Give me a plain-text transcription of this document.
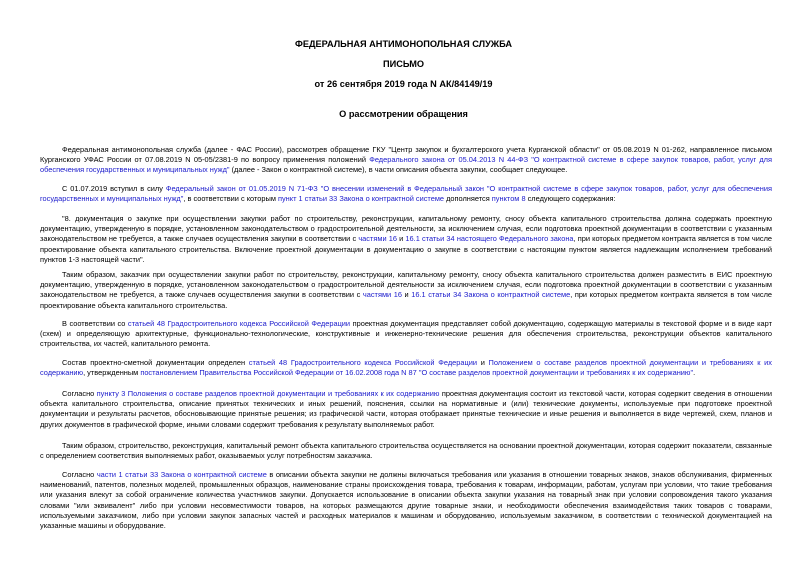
ФЕДЕРАЛЬНАЯ АНТИМОНОПОЛЬНАЯ СЛУЖБА
ПИСЬМО
от 26 сентября 2019 года N АК/84149/19
О рассмотрении обращения
Федеральная антимонопольная служба (далее - ФАС России), рассмотрев обращение ГКУ "Центр закупок и бухгалтерского учета Курганской области" от 05.08.2019 N 01-262, направленное письмом Курганского УФАС России от 07.08.2019 N 05-05/2381-9 по вопросу применения положений Федерального закона от 05.04.2013 N 44-ФЗ "О контрактной системе в сфере закупок товаров, работ, услуг для обеспечения государственных и муниципальных нужд" (далее - Закон о контрактной системе), в части описания объекта закупки, сообщает следующее.
С 01.07.2019 вступил в силу Федеральный закон от 01.05.2019 N 71-ФЗ "О внесении изменений в Федеральный закон "О контрактной системе в сфере закупок товаров, работ, услуг для обеспечения государственных и муниципальных нужд", в соответствии с которым пункт 1 статьи 33 Закона о контрактной системе дополняется пунктом 8 следующего содержания:
"8. документация о закупке при осуществлении закупки работ по строительству, реконструкции, капитальному ремонту, сносу объекта капитального строительства должна содержать проектную документацию, утвержденную в порядке, установленном законодательством о градостроительной деятельности, за исключением случая, если подготовка проектной документации в соответствии с указанным законодательством не требуется, а также случаев осуществления закупки в соответствии с частями 16 и 16.1 статьи 34 настоящего Федерального закона, при которых предметом контракта является в том числе проектирование объекта капитального строительства. Включение проектной документации в документацию о закупке в соответствии с настоящим пунктом является надлежащим исполнением требований пунктов 1-3 настоящей части".
Таким образом, заказчик при осуществлении закупки работ по строительству, реконструкции, капитальному ремонту, сносу объекта капитального строительства должен разместить в ЕИС проектную документацию, утвержденную в порядке, установленном законодательством о градостроительной деятельности за исключением случая, если подготовка проектной документации в соответствии с указанным законодательством не требуется, а также случаев осуществления закупки в соответствии с частями 16 и 16.1 статьи 34 Закона о контрактной системе, при которых предметом контракта является в том числе проектирование объекта капитального строительства.
В соответствии со статьей 48 Градостроительного кодекса Российской Федерации проектная документация представляет собой документацию, содержащую материалы в текстовой форме и в виде карт (схем) и определяющую архитектурные, функционально-технологические, конструктивные и инженерно-технические решения для обеспечения строительства, реконструкции объектов капитального строительства, их частей, капитального ремонта.
Состав проектно-сметной документации определен статьей 48 Градостроительного кодекса Российской Федерации и Положением о составе разделов проектной документации и требованиях к их содержанию, утвержденным постановлением Правительства Российской Федерации от 16.02.2008 года N 87 "О составе разделов проектной документации и требованиях к их содержанию".
Согласно пункту 3 Положения о составе разделов проектной документации и требованиях к их содержанию проектная документация состоит из текстовой части, которая содержит сведения в отношении объекта капитального строительства, описание принятых технических и иных решений, пояснения, ссылки на нормативные и (или) технические документы, используемые при подготовке проектной документации и результаты расчетов, обосновывающие принятые решения; из графической части, которая отображает принятые технические и иные решения и выполняется в виде чертежей, схем, планов и других документов в графической форме, иными словами содержит требования к результату выполняемых работ.
Таким образом, строительство, реконструкция, капитальный ремонт объекта капитального строительства осуществляется на основании проектной документации, которая содержит показатели, связанные с определением соответствия выполняемых работ, оказываемых услуг потребностям заказчика.
Согласно части 1 статьи 33 Закона о контрактной системе в описании объекта закупки не должны включаться требования или указания в отношении товарных знаков, знаков обслуживания, фирменных наименований, патентов, полезных моделей, промышленных образцов, наименование страны происхождения товара, требования к товарам, информации, работам, услугам при условии, что такие требования или указания влекут за собой ограничение количества участников закупки. Допускается использование в описании объекта закупки указания на товарный знак при условии сопровождения такого указания словами "или эквивалент" либо при условии несовместимости товаров, на которых размещаются другие товарные знаки, и необходимости обеспечения взаимодействия таких товаров с товарами, используемыми заказчиком, либо при условии закупок запасных частей и расходных материалов к машинам и оборудованию, используемым заказчиком, в соответствии с технической документацией на указанные машины и оборудование.
